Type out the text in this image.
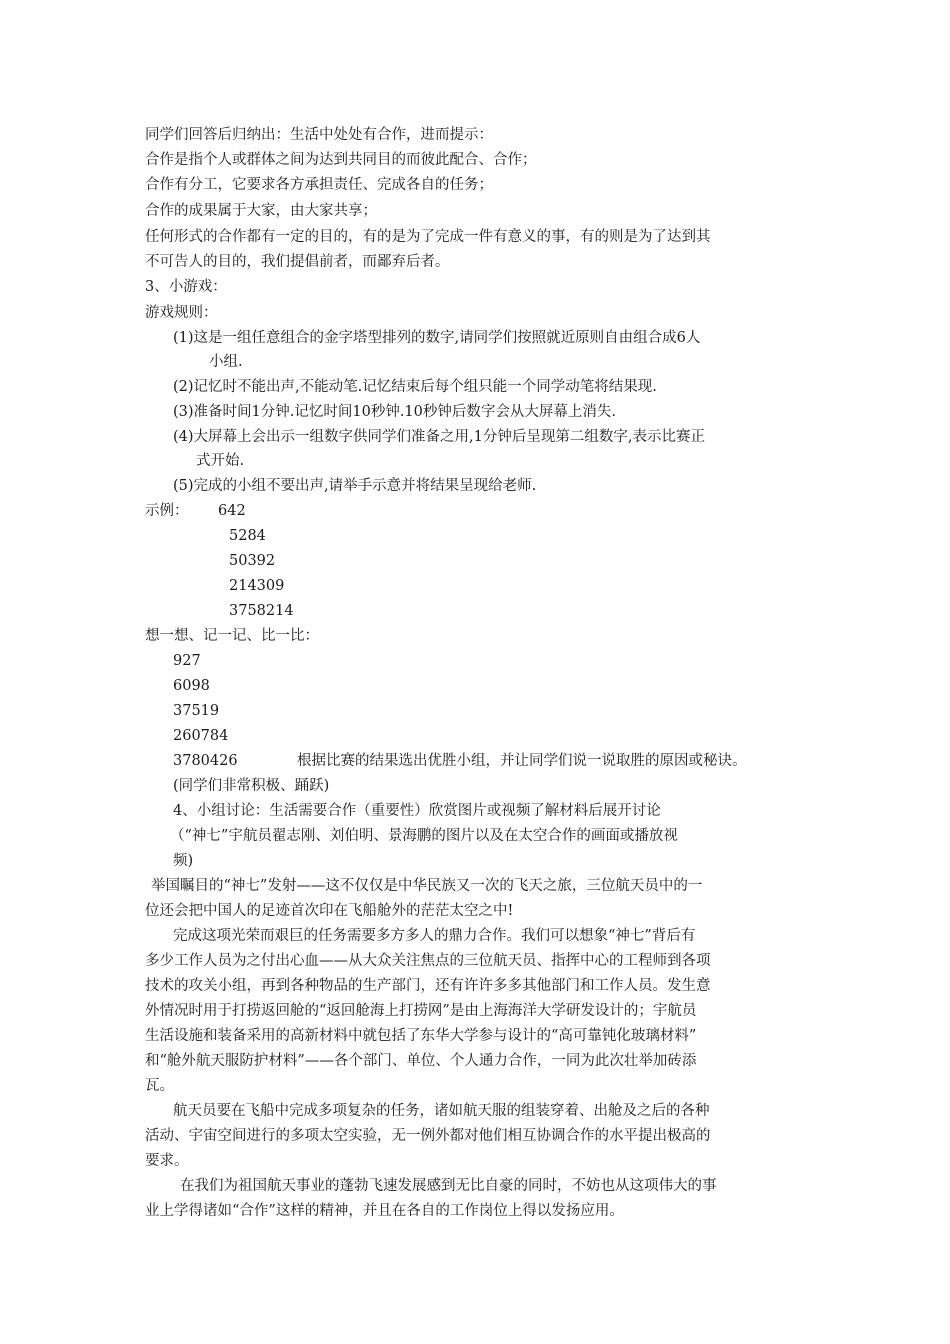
同学们回答后归纳出：生活中处处有合作，进而提示：
合作是指个人或群体之间为达到共同目的而彼此配合、合作；
合作有分工，它要求各方承担责任、完成各自的任务；
合作的成果属于大家，由大家共享；
任何形式的合作都有一定的目的，有的是为了完成一件有意义的事，有的则是为了达到其
不可告人的目的，我们提倡前者，而鄙弃后者。
3、小游戏：
游戏规则：
(1)这是一组任意组合的金字塔型排列的数字,请同学们按照就近原则自由组合成6人
小组.
(2)记忆时不能出声,不能动笔.记忆结束后每个组只能一个同学动笔将结果现.
(3)准备时间1分钟.记忆时间10秒钟.10秒钟后数字会从大屏幕上消失.
(4)大屏幕上会出示一组数字供同学们准备之用,1分钟后呈现第二组数字,表示比赛正
式开始.
(5)完成的小组不要出声,请举手示意并将结果呈现给老师.
示例： 642
5284
50392
214309
3758214
想一想、记一记、比一比：
927
6098
37519
260784
3780426	根据比赛的结果选出优胜小组，并让同学们说一说取胜的原因或秘诀。
(同学们非常积极、踊跃)
4、小组讨论：生活需要合作（重要性）欣赏图片或视频了解材料后展开讨论
（“神七”宇航员翟志刚、刘伯明、景海鹏的图片以及在太空合作的画面或播放视
频)
举国瞩目的“神七”发射——这不仅仅是中华民族又一次的飞天之旅，三位航天员中的一
位还会把中国人的足迹首次印在飞船舱外的茫茫太空之中!
完成这项光荣而艰巨的任务需要多方多人的鼎力合作。我们可以想象“神七”背后有
多少工作人员为之付出心血——从大众关注焦点的三位航天员、指挥中心的工程师到各项
技术的攻关小组，再到各种物品的生产部门，还有许许多多其他部门和工作人员。发生意
外情况时用于打捞返回舱的“返回舱海上打捞网”是由上海海洋大学研发设计的；宇航员
生活设施和装备采用的高新材料中就包括了东华大学参与设计的“高可靠钝化玻璃材料”
和“舱外航天服防护材料”——各个部门、单位、个人通力合作，一同为此次壮举加砖添
瓦。
航天员要在飞船中完成多项复杂的任务，诸如航天服的组装穿着、出舱及之后的各种
活动、宇宙空间进行的多项太空实验，无一例外都对他们相互协调合作的水平提出极高的
要求。
在我们为祖国航天事业的蓬勃飞速发展感到无比自豪的同时，不妨也从这项伟大的事
业上学得诸如“合作”这样的精神，并且在各自的工作岗位上得以发扬应用。
